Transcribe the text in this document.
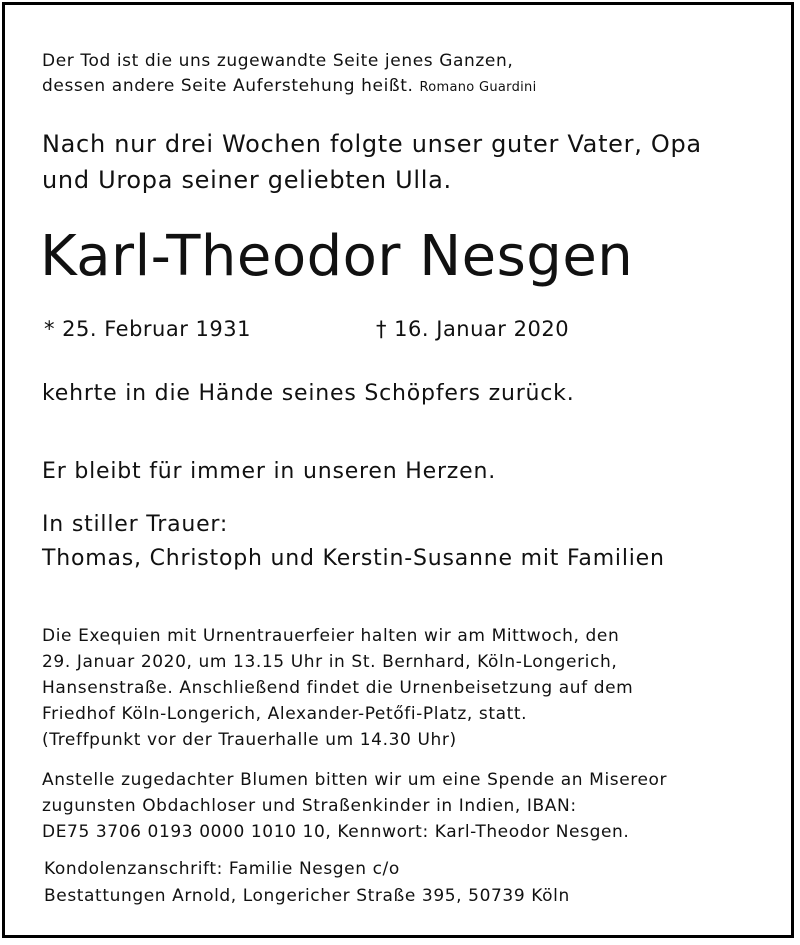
Der Tod ist die uns zugewandte Seite jenes Ganzen,
dessen andere Seite Auferstehung heißt. Romano Guardini
Nach nur drei Wochen folgte unser guter Vater, Opa
und Uropa seiner geliebten Ulla.
Karl-Theodor Nesgen
* 25. Februar 1931	† 16. Januar 2020
kehrte in die Hände seines Schöpfers zurück.
Er bleibt für immer in unseren Herzen.
In stiller Trauer:
Thomas, Christoph und Kerstin-Susanne mit Familien
Die Exequien mit Urnentrauerfeier halten wir am Mittwoch, den
29. Januar 2020, um 13.15 Uhr in St. Bernhard, Köln-Longerich,
Hansenstraße. Anschließend findet die Urnenbeisetzung auf dem
Friedhof Köln-Longerich, Alexander-Petőfi-Platz, statt.
(Treffpunkt vor der Trauerhalle um 14.30 Uhr)
Anstelle zugedachter Blumen bitten wir um eine Spende an Misereor
zugunsten Obdachloser und Straßenkinder in Indien, IBAN:
DE75 3706 0193 0000 1010 10, Kennwort: Karl-Theodor Nesgen.
Kondolenzanschrift: Familie Nesgen c/o
Bestattungen Arnold, Longericher Straße 395, 50739 Köln
